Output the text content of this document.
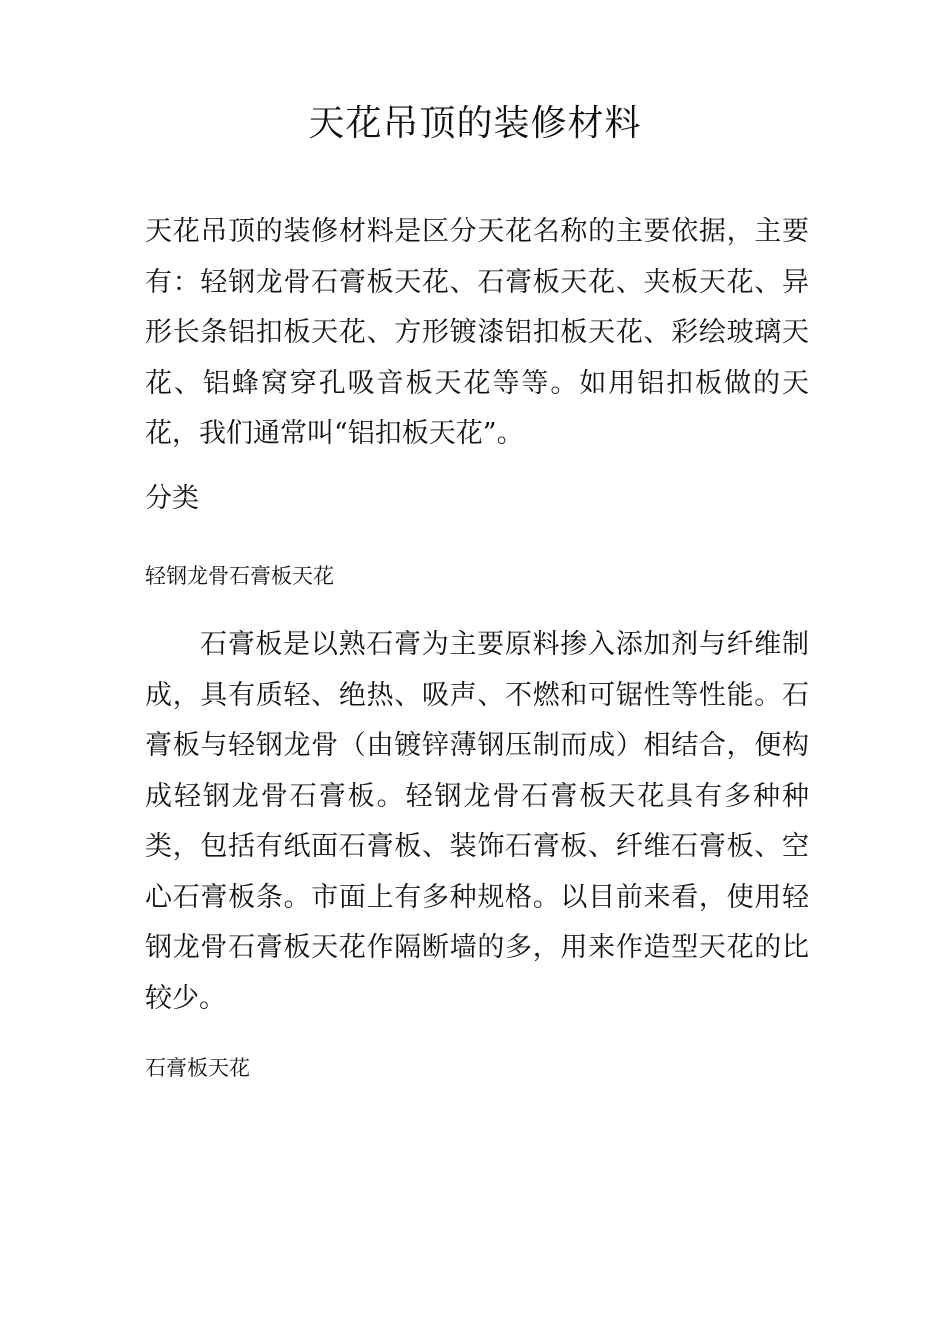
天花吊顶的装修材料

天花吊顶的装修材料是区分天花名称的主要依据，主要有：轻钢龙骨石膏板天花、石膏板天花、夹板天花、异形长条铝扣板天花、方形镀漆铝扣板天花、彩绘玻璃天花、铝蜂窝穿孔吸音板天花等等。如用铝扣板做的天花，我们通常叫“铝扣板天花”。

分类
轻钢龙骨石膏板天花

石膏板是以熟石膏为主要原料掺入添加剂与纤维制成，具有质轻、绝热、吸声、不燃和可锯性等性能。石膏板与轻钢龙骨（由镀锌薄钢压制而成）相结合，便构成轻钢龙骨石膏板。轻钢龙骨石膏板天花具有多种种类，包括有纸面石膏板、装饰石膏板、纤维石膏板、空心石膏板条。市面上有多种规格。以目前来看，使用轻钢龙骨石膏板天花作隔断墙的多，用来作造型天花的比较少。

石膏板天花
